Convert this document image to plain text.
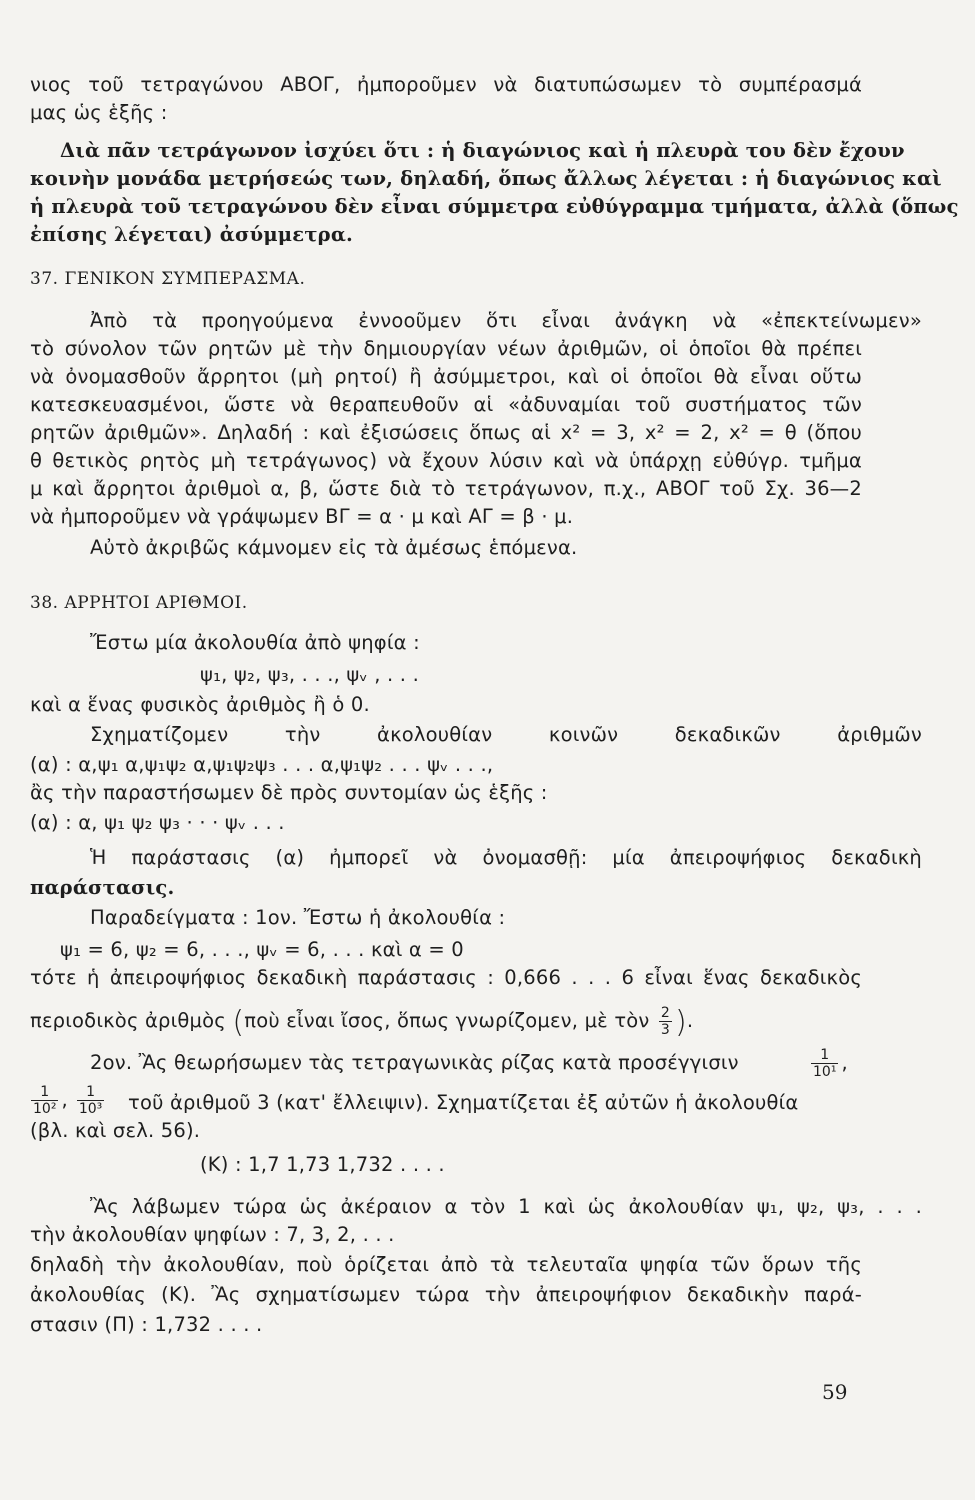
νιος τοῦ τετραγώνου ΑΒΟΓ, ἠμποροῦμεν νὰ διατυπώσωμεν τὸ συμπέρασμά
μας ὡς ἑξῆς :
Διὰ πᾶν τετράγωνον ἰσχύει ὅτι : ἡ διαγώνιος καὶ ἡ πλευρὰ του δὲν ἔχουν
κοινὴν μονάδα μετρήσεώς των, δηλαδή, ὅπως ἄλλως λέγεται : ἡ διαγώνιος καὶ
ἡ πλευρὰ τοῦ τετραγώνου δὲν εἶναι σύμμετρα εὐθύγραμμα τμήματα, ἀλλὰ (ὅπως
ἐπίσης λέγεται) ἀσύμμετρα.
37. ΓΕΝΙΚΟΝ ΣΥΜΠΕΡΑΣΜΑ.
Ἀπὸ τὰ προηγούμενα ἐννοοῦμεν ὅτι εἶναι ἀνάγκη νὰ «ἐπεκτείνωμεν»
τὸ σύνολον τῶν ρητῶν μὲ τὴν δημιουργίαν νέων ἀριθμῶν, οἱ ὁποῖοι θὰ πρέπει
νὰ ὀνομασθοῦν ἄρρητοι (μὴ ρητοί) ἢ ἀσύμμετροι, καὶ οἱ ὁποῖοι θὰ εἶναι οὕτω
κατεσκευασμένοι, ὥστε νὰ θεραπευθοῦν αἱ «ἀδυναμίαι τοῦ συστήματος τῶν
ρητῶν ἀριθμῶν». Δηλαδή : καὶ ἐξισώσεις ὅπως αἱ x² = 3, x² = 2, x² = θ (ὅπου
θ θετικὸς ρητὸς μὴ τετράγωνος) νὰ ἔχουν λύσιν καὶ νὰ ὑπάρχῃ εὐθύγρ. τμῆμα
μ καὶ ἄρρητοι ἀριθμοὶ α, β, ὥστε διὰ τὸ τετράγωνον, π.χ., ΑΒΟΓ τοῦ Σχ. 36—2
νὰ ἠμποροῦμεν νὰ γράψωμεν ΒΓ = α · μ καὶ ΑΓ = β · μ.
Αὐτὸ ἀκριβῶς κάμνομεν εἰς τὰ ἀμέσως ἑπόμενα.
38. ΑΡΡΗΤΟΙ ΑΡΙΘΜΟΙ.
Ἔστω μία ἀκολουθία ἀπὸ ψηφία :
ψ₁, ψ₂, ψ₃, . . ., ψᵥ , . . .
καὶ α ἕνας φυσικὸς ἀριθμὸς ἢ ὁ 0.
Σχηματίζομεν τὴν ἀκολουθίαν κοινῶν δεκαδικῶν ἀριθμῶν
(α) : α,ψ₁ α,ψ₁ψ₂ α,ψ₁ψ₂ψ₃ . . . α,ψ₁ψ₂ . . . ψᵥ . . .,
ἂς τὴν παραστήσωμεν δὲ πρὸς συντομίαν ὡς ἑξῆς :
(α) : α, ψ₁ ψ₂ ψ₃ · · · ψᵥ . . .
Ἡ παράστασις (α) ἠμπορεῖ νὰ ὀνομασθῇ: μία ἀπειροψήφιος δεκαδικὴ
παράστασις.
Παραδείγματα : 1ον. Ἔστω ἡ ἀκολουθία :
ψ₁ = 6, ψ₂ = 6, . . ., ψᵥ = 6, . . . καὶ α = 0
τότε ἡ ἀπειροψήφιος δεκαδικὴ παράστασις : 0,666 . . . 6 εἶναι ἕνας δεκαδικὸς
2ον. Ἂς θεωρήσωμεν τὰς τετραγωνικὰς ρίζας κατὰ προσέγγισιν
τοῦ ἀριθμοῦ 3 (κατ' ἔλλειψιν). Σχηματίζεται ἐξ αὐτῶν ἡ ἀκολουθία
(βλ. καὶ σελ. 56).
(Κ) : 1,7 1,73 1,732 . . . .
Ἂς λάβωμεν τώρα ὡς ἀκέραιον α τὸν 1 καὶ ὡς ἀκολουθίαν ψ₁, ψ₂, ψ₃, . . .
τὴν ἀκολουθίαν ψηφίων : 7, 3, 2, . . .
δηλαδὴ τὴν ἀκολουθίαν, ποὺ ὁρίζεται ἀπὸ τὰ τελευταῖα ψηφία τῶν ὅρων τῆς
ἀκολουθίας (Κ). Ἂς σχηματίσωμεν τώρα τὴν ἀπειροψήφιον δεκαδικὴν παρά-
στασιν (Π) : 1,732 . . . .
περιοδικὸς ἀριθμὸς (ποὺ εἶναι ἴσος, ὅπως γνωρίζομεν, μὲ τὸν $\frac{2}{3}$ ).
$\frac{1}{\text{10¹}}$ ,
$\frac{1}{\text{10²}}$ , $\frac{1}{\text{10³}}$
59
